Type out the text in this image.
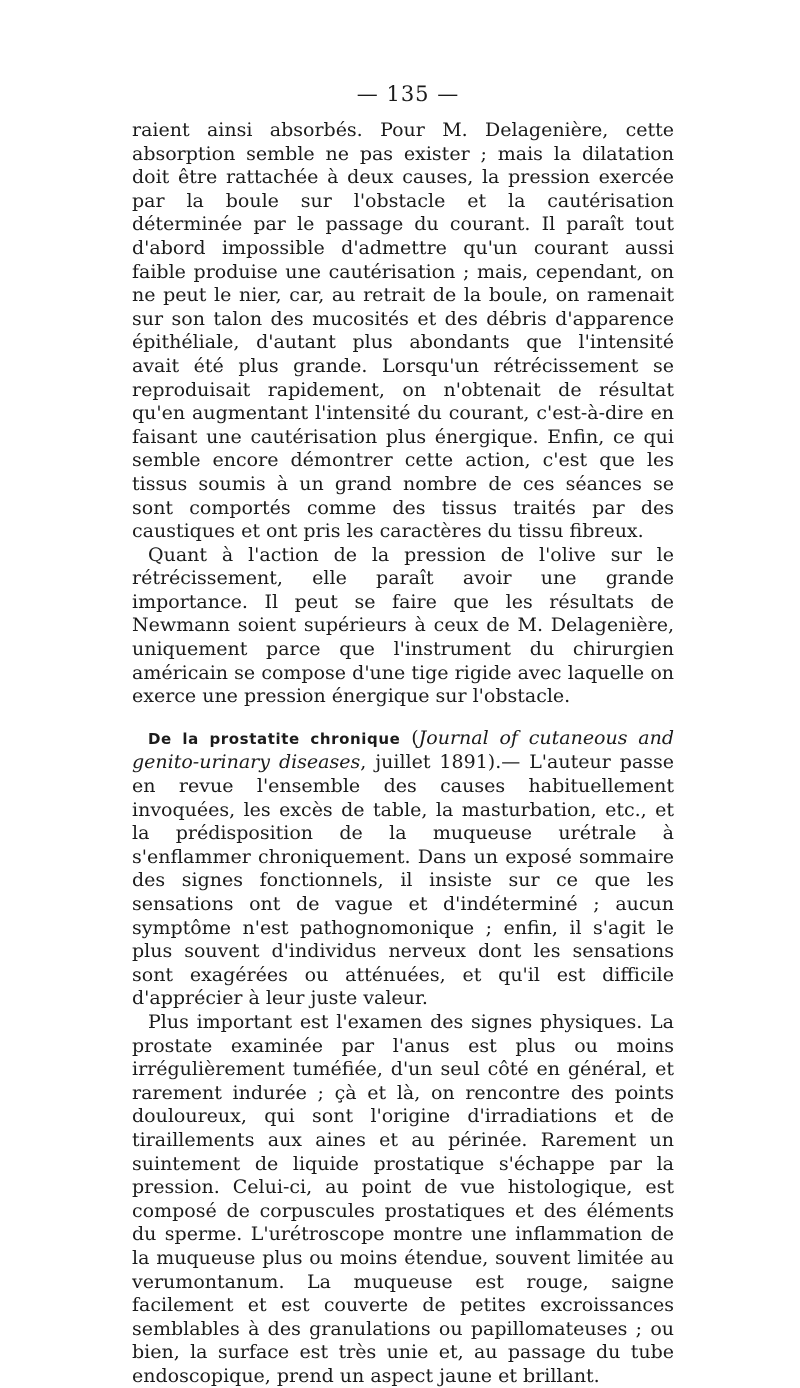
— 135 —

raient ainsi absorbés. Pour M. Delagenière, cette absorption semble ne pas exister ; mais la dilatation doit être rattachée à deux causes, la pression exercée par la boule sur l'obstacle et la cautérisation déterminée par le passage du courant. Il paraît tout d'abord impossible d'admettre qu'un courant aussi faible produise une cautérisation ; mais, cependant, on ne peut le nier, car, au retrait de la boule, on ramenait sur son talon des mucosités et des débris d'apparence épithéliale, d'autant plus abondants que l'intensité avait été plus grande. Lorsqu'un rétrécissement se reproduisait rapidement, on n'obtenait de résultat qu'en augmentant l'intensité du courant, c'est-à-dire en faisant une cautérisation plus énergique. Enfin, ce qui semble encore démontrer cette action, c'est que les tissus soumis à un grand nombre de ces séances se sont comportés comme des tissus traités par des caustiques et ont pris les caractères du tissu fibreux.

Quant à l'action de la pression de l'olive sur le rétrécissement, elle paraît avoir une grande importance. Il peut se faire que les résultats de Newmann soient supérieurs à ceux de M. Delagenière, uniquement parce que l'instrument du chirurgien américain se compose d'une tige rigide avec laquelle on exerce une pression énergique sur l'obstacle.

De la prostatite chronique (Journal of cutaneous and genito-urinary diseases, juillet 1891).— L'auteur passe en revue l'ensemble des causes habituellement invoquées, les excès de table, la masturbation, etc., et la prédisposition de la muqueuse urétrale à s'enflammer chroniquement. Dans un exposé sommaire des signes fonctionnels, il insiste sur ce que les sensations ont de vague et d'indéterminé ; aucun symptôme n'est pathognomonique ; enfin, il s'agit le plus souvent d'individus nerveux dont les sensations sont exagérées ou atténuées, et qu'il est difficile d'apprécier à leur juste valeur.

Plus important est l'examen des signes physiques. La prostate examinée par l'anus est plus ou moins irrégulièrement tuméfiée, d'un seul côté en général, et rarement indurée ; çà et là, on rencontre des points douloureux, qui sont l'origine d'irradiations et de tiraillements aux aines et au périnée. Rarement un suintement de liquide prostatique s'échappe par la pression. Celui-ci, au point de vue histologique, est composé de corpuscules prostatiques et des éléments du sperme. L'urétroscope montre une inflammation de la muqueuse plus ou moins étendue, souvent limitée au verumontanum. La muqueuse est rouge, saigne facilement et est couverte de petites excroissances semblables à des granulations ou papillomateuses ; ou bien, la surface est très unie et, au passage du tube endoscopique, prend un aspect jaune et brillant.
